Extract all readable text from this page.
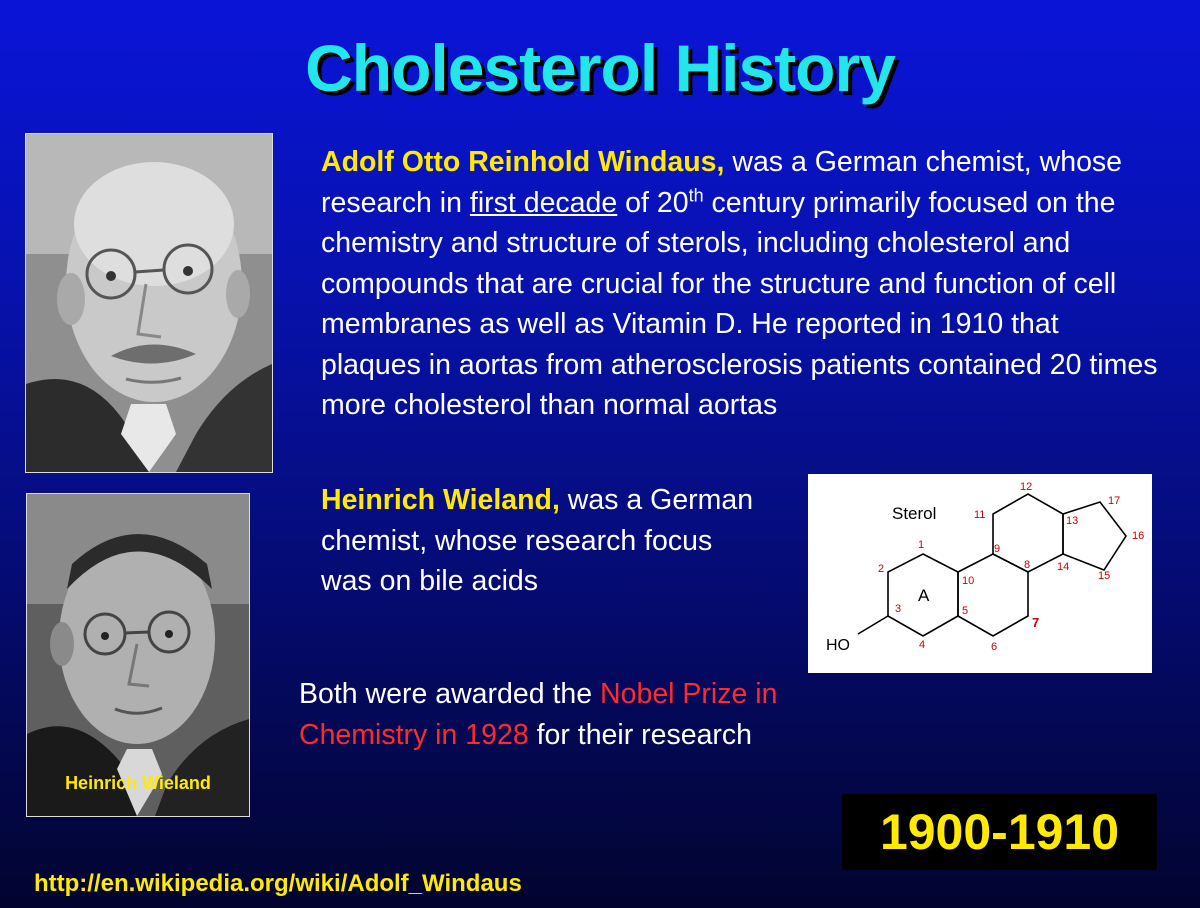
Cholesterol History
Heinrich Wieland
Adolf Otto Reinhold Windaus, was a German chemist, whose research in first decade of 20th century primarily focused on the chemistry and structure of sterols, including cholesterol and compounds that are crucial for the structure and function of cell membranes as well as Vitamin D. He reported in 1910 that plaques in aortas from atherosclerosis patients contained 20 times more cholesterol than normal aortas
Heinrich Wieland, was a German chemist, whose research focus was on bile acids
Both were awarded the Nobel Prize in Chemistry in 1928 for their research
Sterol
A
HO
1
2
3
4
5
6
7
8
9
10
11
12
13
14
15
16
17
1900-1910
http://en.wikipedia.org/wiki/Adolf_Windaus
